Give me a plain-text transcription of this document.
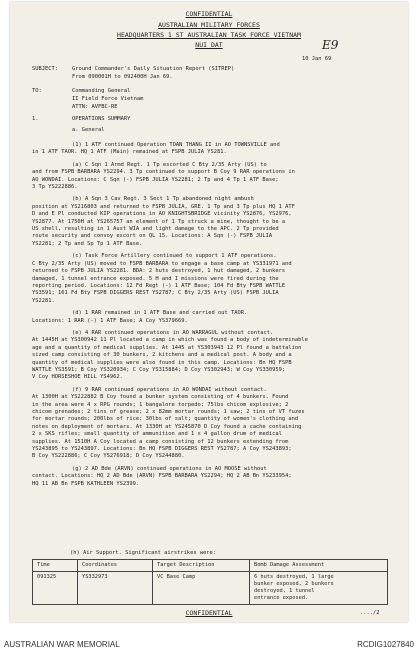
CONFIDENTIAL
AUSTRALIAN MILITARY FORCES
HEADQUARTERS 1 ST AUSTRALIAN TASK FORCE VIETNAM
NUI DAT	E9
10 Jan 69
SUBJECT:	Ground Commander's Daily Situation Report (SITREP)
From 090001H to 092400H Jan 69.
TO:	Commanding General
II Field Force Vietnam
ATTN: AVFBC-RE
1.	OPERATIONS SUMMARY
a. General
(1) 1 ATF continued Operation TOAN THANG II in AO TOWNSVILLE and
in 1 ATF TAOR. HQ 1 ATF (Main) remained at FSPB JULIA YS281.
(a) C Sqn 1 Armd Regt. 1 Tp escorted C Bty 2/35 Arty (US) to
and from FSPB BARBARA YS2294. 3 Tp continued to support B Coy 9 RAR operations in
AO WONDAI. Locations: C Sqn (-) FSPB JULIA YS2281; 2 Tp and 4 Tp 1 ATF Base;
3 Tp YS222886.
(b) A Sqn 3 Cav Regt. 3 Sect 1 Tp abandoned night ambush
position at YS216803 and returned to FSPB JULIA, GRE. 1 Tp and 3 Tp plus HQ 1 ATF
D and E Pl conducted KIP operations in AO KNIGHTSBRIDGE vicinity YS2876, YS2976,
YS2877. At 1750H at YS265757 an element of 1 Tp struck a mine, thought to be a
US shell, resulting in 1 Aust WIA and light damage to the APC. 2 Tp provided
route security and convoy escort on QL 15. Locations: A Sqn (-) FSPB JULIA
YS2281; 2 Tp and Sp Tp 1 ATF Base.
(c) Task Force Artillery continued to support 1 ATF operations.
C Bty 2/35 Arty (US) moved to FSPB BARBARA to engage a base camp at YS331971 and
returned to FSPB JULIA YS2281. BDA: 2 huts destroyed, 1 hut damaged, 2 bunkers
damaged, 1 tunnel entrance exposed. 5 H and I missions were fired during the
reporting period. Locations: 12 Fd Regt (-) 1 ATF Base; 104 Fd Bty FSPB WATTLE
YS3591; 161 Fd Bty FSPB DIGGERS REST YS2787; C Bty 2/35 Arty (US) FSPB JULIA
YS2281.
(d) 1 RAR remained in 1 ATF Base and carried out TAOR.
Locations: 1 RAR (-) 1 ATF Base; A Coy YS379669.
(e) 4 RAR continued operations in AO WARRAGUL without contact.
At 1445H at YS300942 11 Pl located a camp in which was found a body of indeterminable
age and a quantity of medical supplies. At 1445 at YS303943 12 Pl found a battalion
sized camp consisting of 30 bunkers, 2 kitchens and a medical post. A body and a
quantity of medical supplies were also found in this camp. Locations: Bn HQ FSPB
WATTLE YS3591; B Coy YS320934; C Coy YS315884; D Coy YS302943; W Coy YS330959;
V Coy HORSESHOE HILL YS4962.
(f) 9 RAR continued operations in AO WONDAI without contact.
At 1300H at YS222882 B Coy found a bunker system consisting of 4 bunkers. Found
in the area were 4 x RPG rounds; 1 bangalore torpedo; 75lbs chicom explosive; 2
chicom grenades; 2 tins of grease; 2 x 82mm mortar rounds; 1 saw; 2 tins of VT fuzes
for mortar rounds; 200lbs of rice; 30lbs of salt; quantity of women's clothing and
notes on deployment of mortars. At 1330H at YS245870 D Coy found a cache containing
2 x SKS rifles; small quantity of ammunition and 1 x 4 gallon drum of medical
supplies. At 1510H A Coy located a camp consisting of 12 bunkers extending from
YS243895 to YS243897. Locations: Bn HQ FSPB DIGGERS REST YS2787; A Coy YS243893;
B Coy YS222886; C Coy YS276918; D Coy YS244880.
(g) 2 AD Bde (ARVN) continued operations in AO MOOSE without
contact. Locations: HQ 2 AD Bde (ARVN) FSPB BARBARA YS2294; HQ 2 AB Bn YS233954;
HQ 11 AB Bn FSPB KATHLEEN YS2399.
(h) Air Support. Significant airstrikes were:
Time	Coordinates	Target Description	Bomb Damage Assessment
091325	YS332973	VC Base Camp	6 huts destroyed, 1 large
bunker exposed, 2 bunkers
destroyed, 1 tunnel
entrance exposed.
CONFIDENTIAL	..../2
AUSTRALIAN WAR MEMORIAL	RCDIG1027840
